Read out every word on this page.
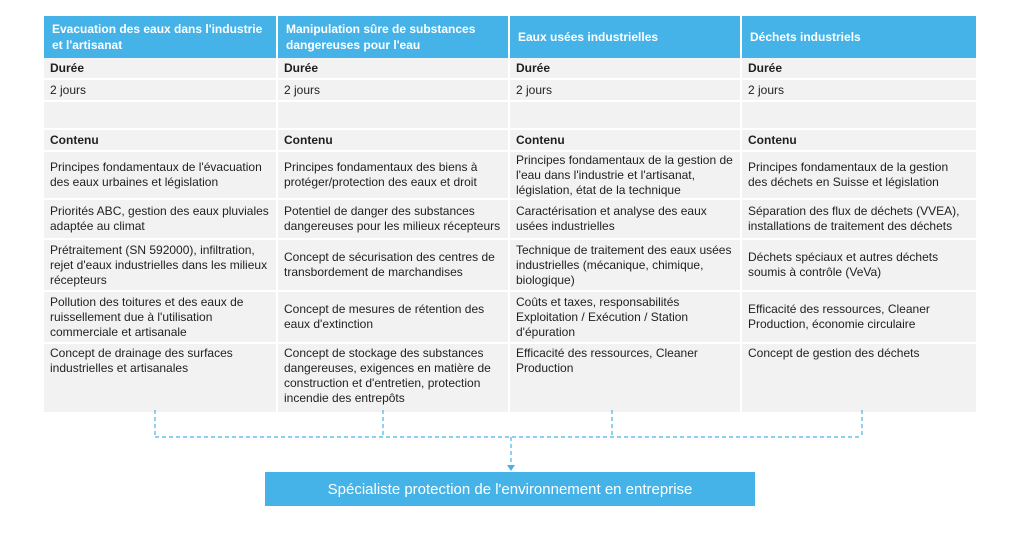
Evacuation des eaux dans l'industrie et l'artisanat
Durée
2 jours
Contenu
Principes fondamentaux de l'évacuation des eaux urbaines et législation
Priorités ABC, gestion des eaux pluviales adaptée au climat
Prétraitement (SN 592000), infiltration, rejet d'eaux industrielles dans les milieux récepteurs
Pollution des toitures et des eaux de ruissellement due à l'utilisation commerciale et artisanale
Concept de drainage des surfaces industrielles et artisanales
Manipulation sûre de substances dangereuses pour l'eau
Durée
2 jours
Contenu
Principes fondamentaux des biens à protéger/protection des eaux et droit
Potentiel de danger des substances dangereuses pour les milieux récepteurs
Concept de sécurisation des centres de transbordement de marchandises
Concept de mesures de rétention des eaux d'extinction
Concept de stockage des substances dangereuses, exigences en matière de construction et d'entretien, protection incendie des entrepôts
Eaux usées industrielles
Durée
2 jours
Contenu
Principes fondamentaux de la gestion de l'eau dans l'industrie et l'artisanat, législation, état de la technique
Caractérisation et analyse des eaux usées industrielles
Technique de traitement des eaux usées industrielles (mécanique, chimique, biologique)
Coûts et taxes, responsabilités Exploitation / Exécution / Station d'épuration
Efficacité des ressources, Cleaner Production
Déchets industriels
Durée
2 jours
Contenu
Principes fondamentaux de la gestion des déchets en Suisse et législation
Séparation des flux de déchets (VVEA), installations de traitement des déchets
Déchets spéciaux et autres déchets soumis à contrôle (VeVa)
Efficacité des ressources, Cleaner Production, économie circulaire
Concept de gestion des déchets
Spécialiste protection de l'environnement en entreprise
